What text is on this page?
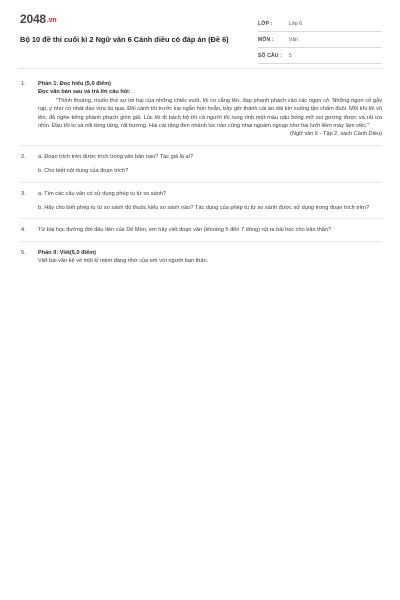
2048.vn
Bộ 10 đề thi cuối kì 2 Ngữ văn 6 Cánh diều có đáp án (Đề 6)
LỚP :	Lớp 6
MÔN :	Văn
SỐ CÂU :	5
1.	Phần 1: Đọc hiểu (5,0 điểm)
Đọc văn bản sau và trả lời câu hỏi:
"Thỉnh thoảng, muốn thử sự lợi hại của những chiếc vuốt, tôi co cẳng lên, đạp phanh phách vào các ngọn cỏ. Những ngọn cỏ gẫy rạp, y như có nhát dao vừa lia qua. Đôi cánh tôi trước kia ngắn hủn hoẳn, bây giờ thành cái áo dài kín xuống tận chấm đuôi. Mỗi khi tôi vũ lên, đã nghe tiếng phành phạch giòn giã. Lúc tôi đi bách bộ thì cả người tôi rung rinh một màu nâu bóng mỡ soi gương được và rất ưa nhìn. Đầu tôi to và nổi từng tảng, rất bướng. Hai cái răng đen nhánh lúc nào cũng nhai ngoàm ngoạp như hai lưỡi liềm máy làm việc."
(Ngữ văn 6 - Tập 2, sách Cánh Diều)
2.	a. Đoạn trích trên được trích trong văn bản nào? Tác giả là ai?
b. Cho biết nội dung của đoạn trích?
3.	a. Tìm các câu văn có sử dụng phép tu từ so sánh?
b. Hãy cho biết phép tu từ so sánh đó thuộc kiểu so sánh nào? Tác dụng của phép tu từ so sánh được sử dụng trong đoạn trích trên?
4.	Từ bài học đường đời đầu tiên của Dế Mèn, em hãy viết đoạn văn (khoảng 5 đến 7 dòng) rút ra bài học cho bản thân?
5.	Phần II: Viết(5,0 điểm)
Viết bài văn kể về một kỉ niệm đáng nhớ của em với người bạn thân.
